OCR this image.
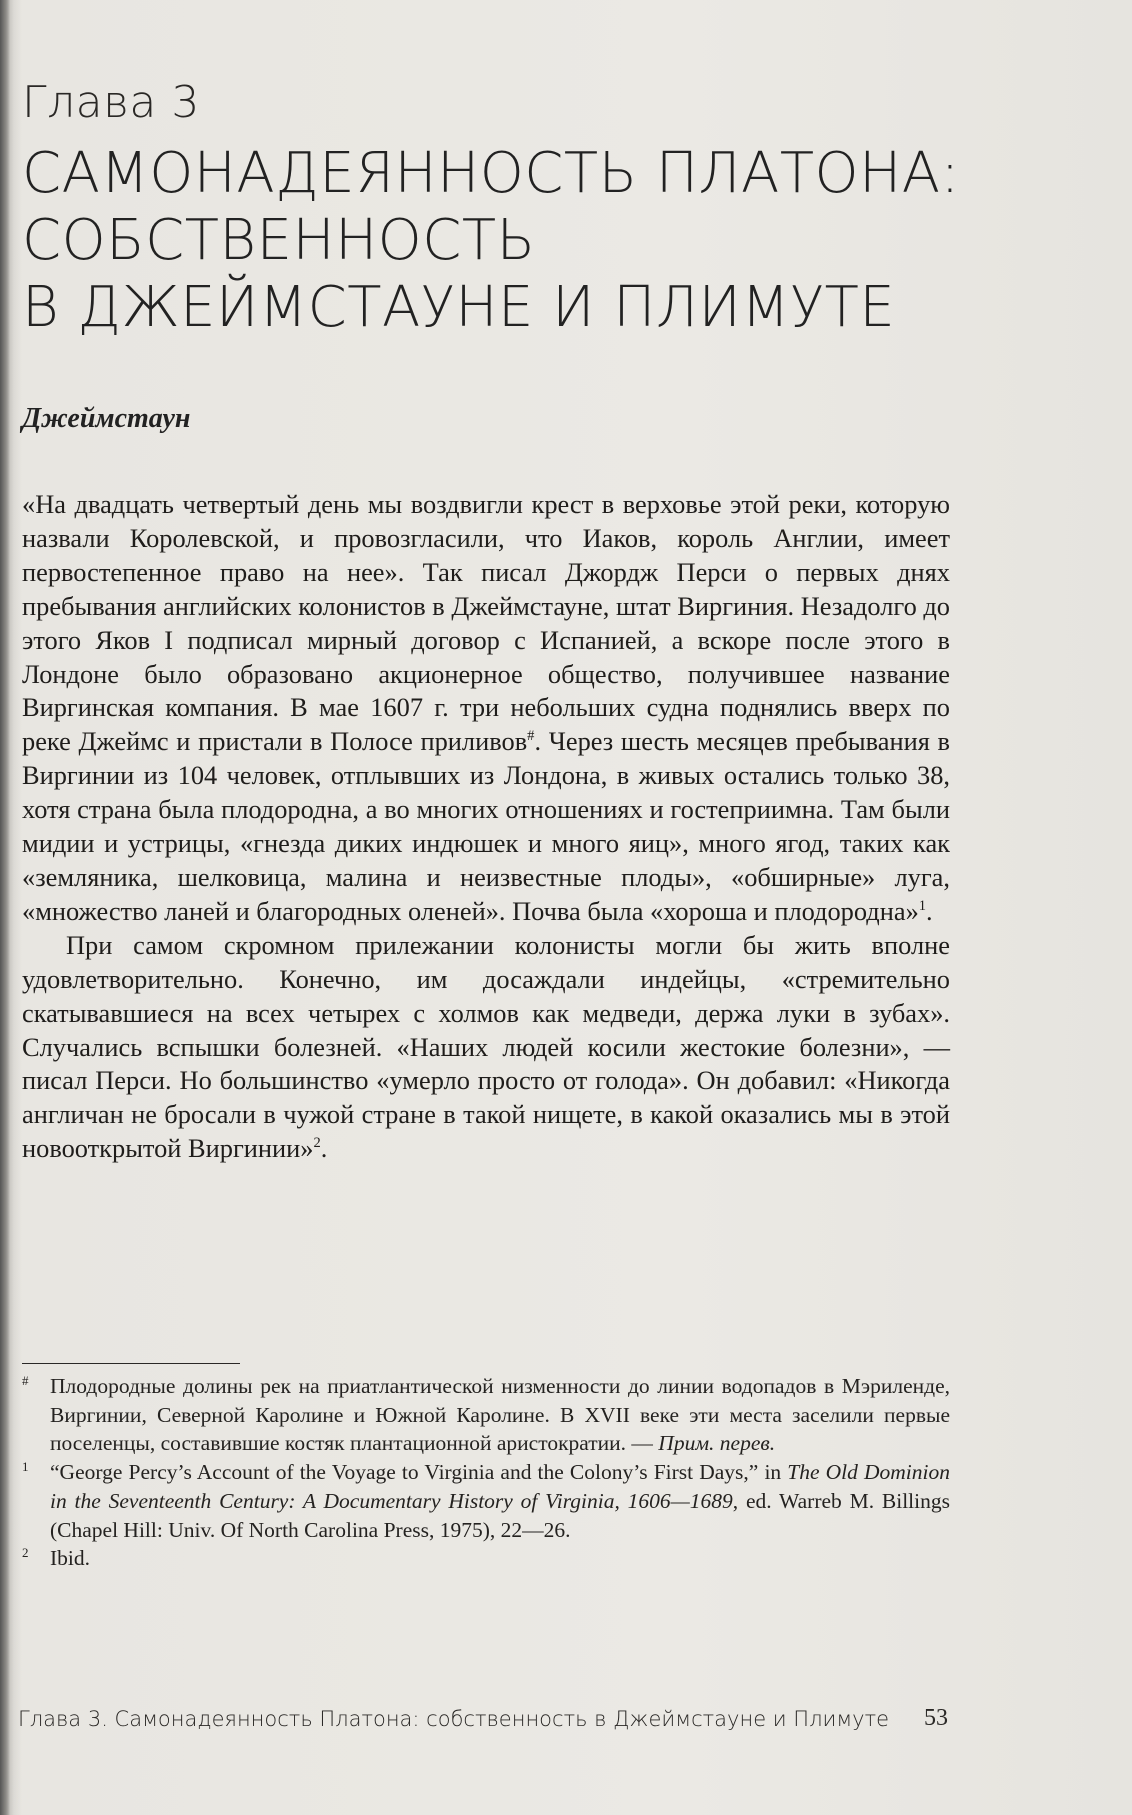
Глава 3
САМОНАДЕЯННОСТЬ ПЛАТОНА:
СОБСТВЕННОСТЬ
В ДЖЕЙМСТАУНЕ И ПЛИМУТЕ
Джеймстаун

«На двадцать четвертый день мы воздвигли крест в верховье этой реки, которую назвали Королевской, и провозгласили, что Иаков, король Англии, имеет первостепенное право на нее». Так писал Джордж Перси о первых днях пребывания английских колонистов в Джеймстауне, штат Виргиния. Незадолго до этого Яков I подписал мирный договор с Испанией, а вскоре после этого в Лондоне было образовано акционерное общество, получившее название Виргинская компания. В мае 1607 г. три небольших судна поднялись вверх по реке Джеймс и пристали в Полосе приливов#. Через шесть месяцев пребывания в Виргинии из 104 человек, отплывших из Лондона, в живых остались только 38, хотя страна была плодородна, а во многих отношениях и гостеприимна. Там были мидии и устрицы, «гнезда диких индюшек и много яиц», много ягод, таких как «земляника, шелковица, малина и неизвестные плоды», «обширные» луга, «множество ланей и благородных оленей». Почва была «хороша и плодородна»$^1$.

При самом скромном прилежании колонисты могли бы жить вполне удовлетворительно. Конечно, им досаждали индейцы, «стремительно скатывавшиеся на всех четырех с холмов как медведи, держа луки в зубах». Случались вспышки болезней. «Наших людей косили жестокие болезни», — писал Перси. Но большинство «умерло просто от голода». Он добавил: «Никогда англичан не бросали в чужой стране в такой нищете, в какой оказались мы в этой новооткрытой Виргинии»$^2$.

# Плодородные долины рек на приатлантической низменности до линии водопадов в Мэриленде, Виргинии, Северной Каролине и Южной Каролине. В XVII веке эти места заселили первые поселенцы, составившие костяк плантационной аристократии. — Прим. перев.
1 “George Percy’s Account of the Voyage to Virginia and the Colony’s First Days,” in The Old Dominion in the Seventeenth Century: A Documentary History of Virginia, 1606—1689, ed. Warreb M. Billings (Chapel Hill: Univ. Of North Carolina Press, 1975), 22—26.
2 Ibid.
Глава 3. Самонадеянность Платона: собственность в Джеймстауне и Плимуте 53
